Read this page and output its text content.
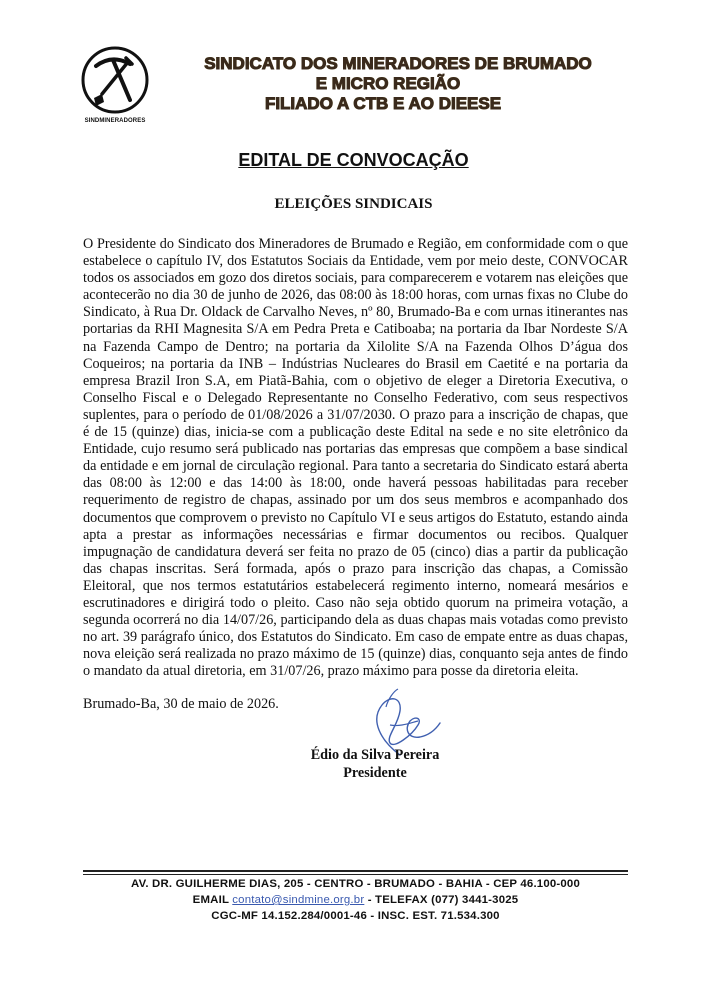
SINDMINERADORES
SINDICATO DOS MINERADORES DE BRUMADO
E MICRO REGIÃO
FILIADO A CTB E AO DIEESE
EDITAL DE CONVOCAÇÃO
ELEIÇÕES SINDICAIS
O Presidente do Sindicato dos Mineradores de Brumado e Região, em conformidade com o que estabelece o capítulo IV, dos Estatutos Sociais da Entidade, vem por meio deste, CONVOCAR todos os associados em gozo dos diretos sociais, para comparecerem e votarem nas eleições que acontecerão no dia 30 de junho de 2026, das 08:00 às 18:00 horas, com urnas fixas no Clube do Sindicato, à Rua Dr. Oldack de Carvalho Neves, nº 80, Brumado-Ba e com urnas itinerantes nas portarias da RHI Magnesita S/A em Pedra Preta e Catiboaba; na portaria da Ibar Nordeste S/A na Fazenda Campo de Dentro; na portaria da Xilolite S/A na Fazenda Olhos D’água dos Coqueiros; na portaria da INB – Indústrias Nucleares do Brasil em Caetité e na portaria da empresa Brazil Iron S.A, em Piatã-Bahia, com o objetivo de eleger a Diretoria Executiva, o Conselho Fiscal e o Delegado Representante no Conselho Federativo, com seus respectivos suplentes, para o período de 01/08/2026 a 31/07/2030. O prazo para a inscrição de chapas, que é de 15 (quinze) dias, inicia-se com a publicação deste Edital na sede e no site eletrônico da Entidade, cujo resumo será publicado nas portarias das empresas que compõem a base sindical da entidade e em jornal de circulação regional. Para tanto a secretaria do Sindicato estará aberta das 08:00 às 12:00 e das 14:00 às 18:00, onde haverá pessoas habilitadas para receber requerimento de registro de chapas, assinado por um dos seus membros e acompanhado dos documentos que comprovem o previsto no Capítulo VI e seus artigos do Estatuto, estando ainda apta a prestar as informações necessárias e firmar documentos ou recibos. Qualquer impugnação de candidatura deverá ser feita no prazo de 05 (cinco) dias a partir da publicação das chapas inscritas. Será formada, após o prazo para inscrição das chapas, a Comissão Eleitoral, que nos termos estatutários estabelecerá regimento interno, nomeará mesários e escrutinadores e dirigirá todo o pleito. Caso não seja obtido quorum na primeira votação, a segunda ocorrerá no dia 14/07/26, participando dela as duas chapas mais votadas como previsto no art. 39 parágrafo único, dos Estatutos do Sindicato. Em caso de empate entre as duas chapas, nova eleição será realizada no prazo máximo de 15 (quinze) dias, conquanto seja antes de findo o mandato da atual diretoria, em 31/07/26, prazo máximo para posse da diretoria eleita.
Brumado-Ba, 30 de maio de 2026.
Édio da Silva Pereira
Presidente
AV. DR. GUILHERME DIAS, 205 - CENTRO - BRUMADO - BAHIA - CEP 46.100-000
EMAIL contato@sindmine.org.br - TELEFAX (077) 3441-3025
CGC-MF 14.152.284/0001-46 - INSC. EST. 71.534.300
